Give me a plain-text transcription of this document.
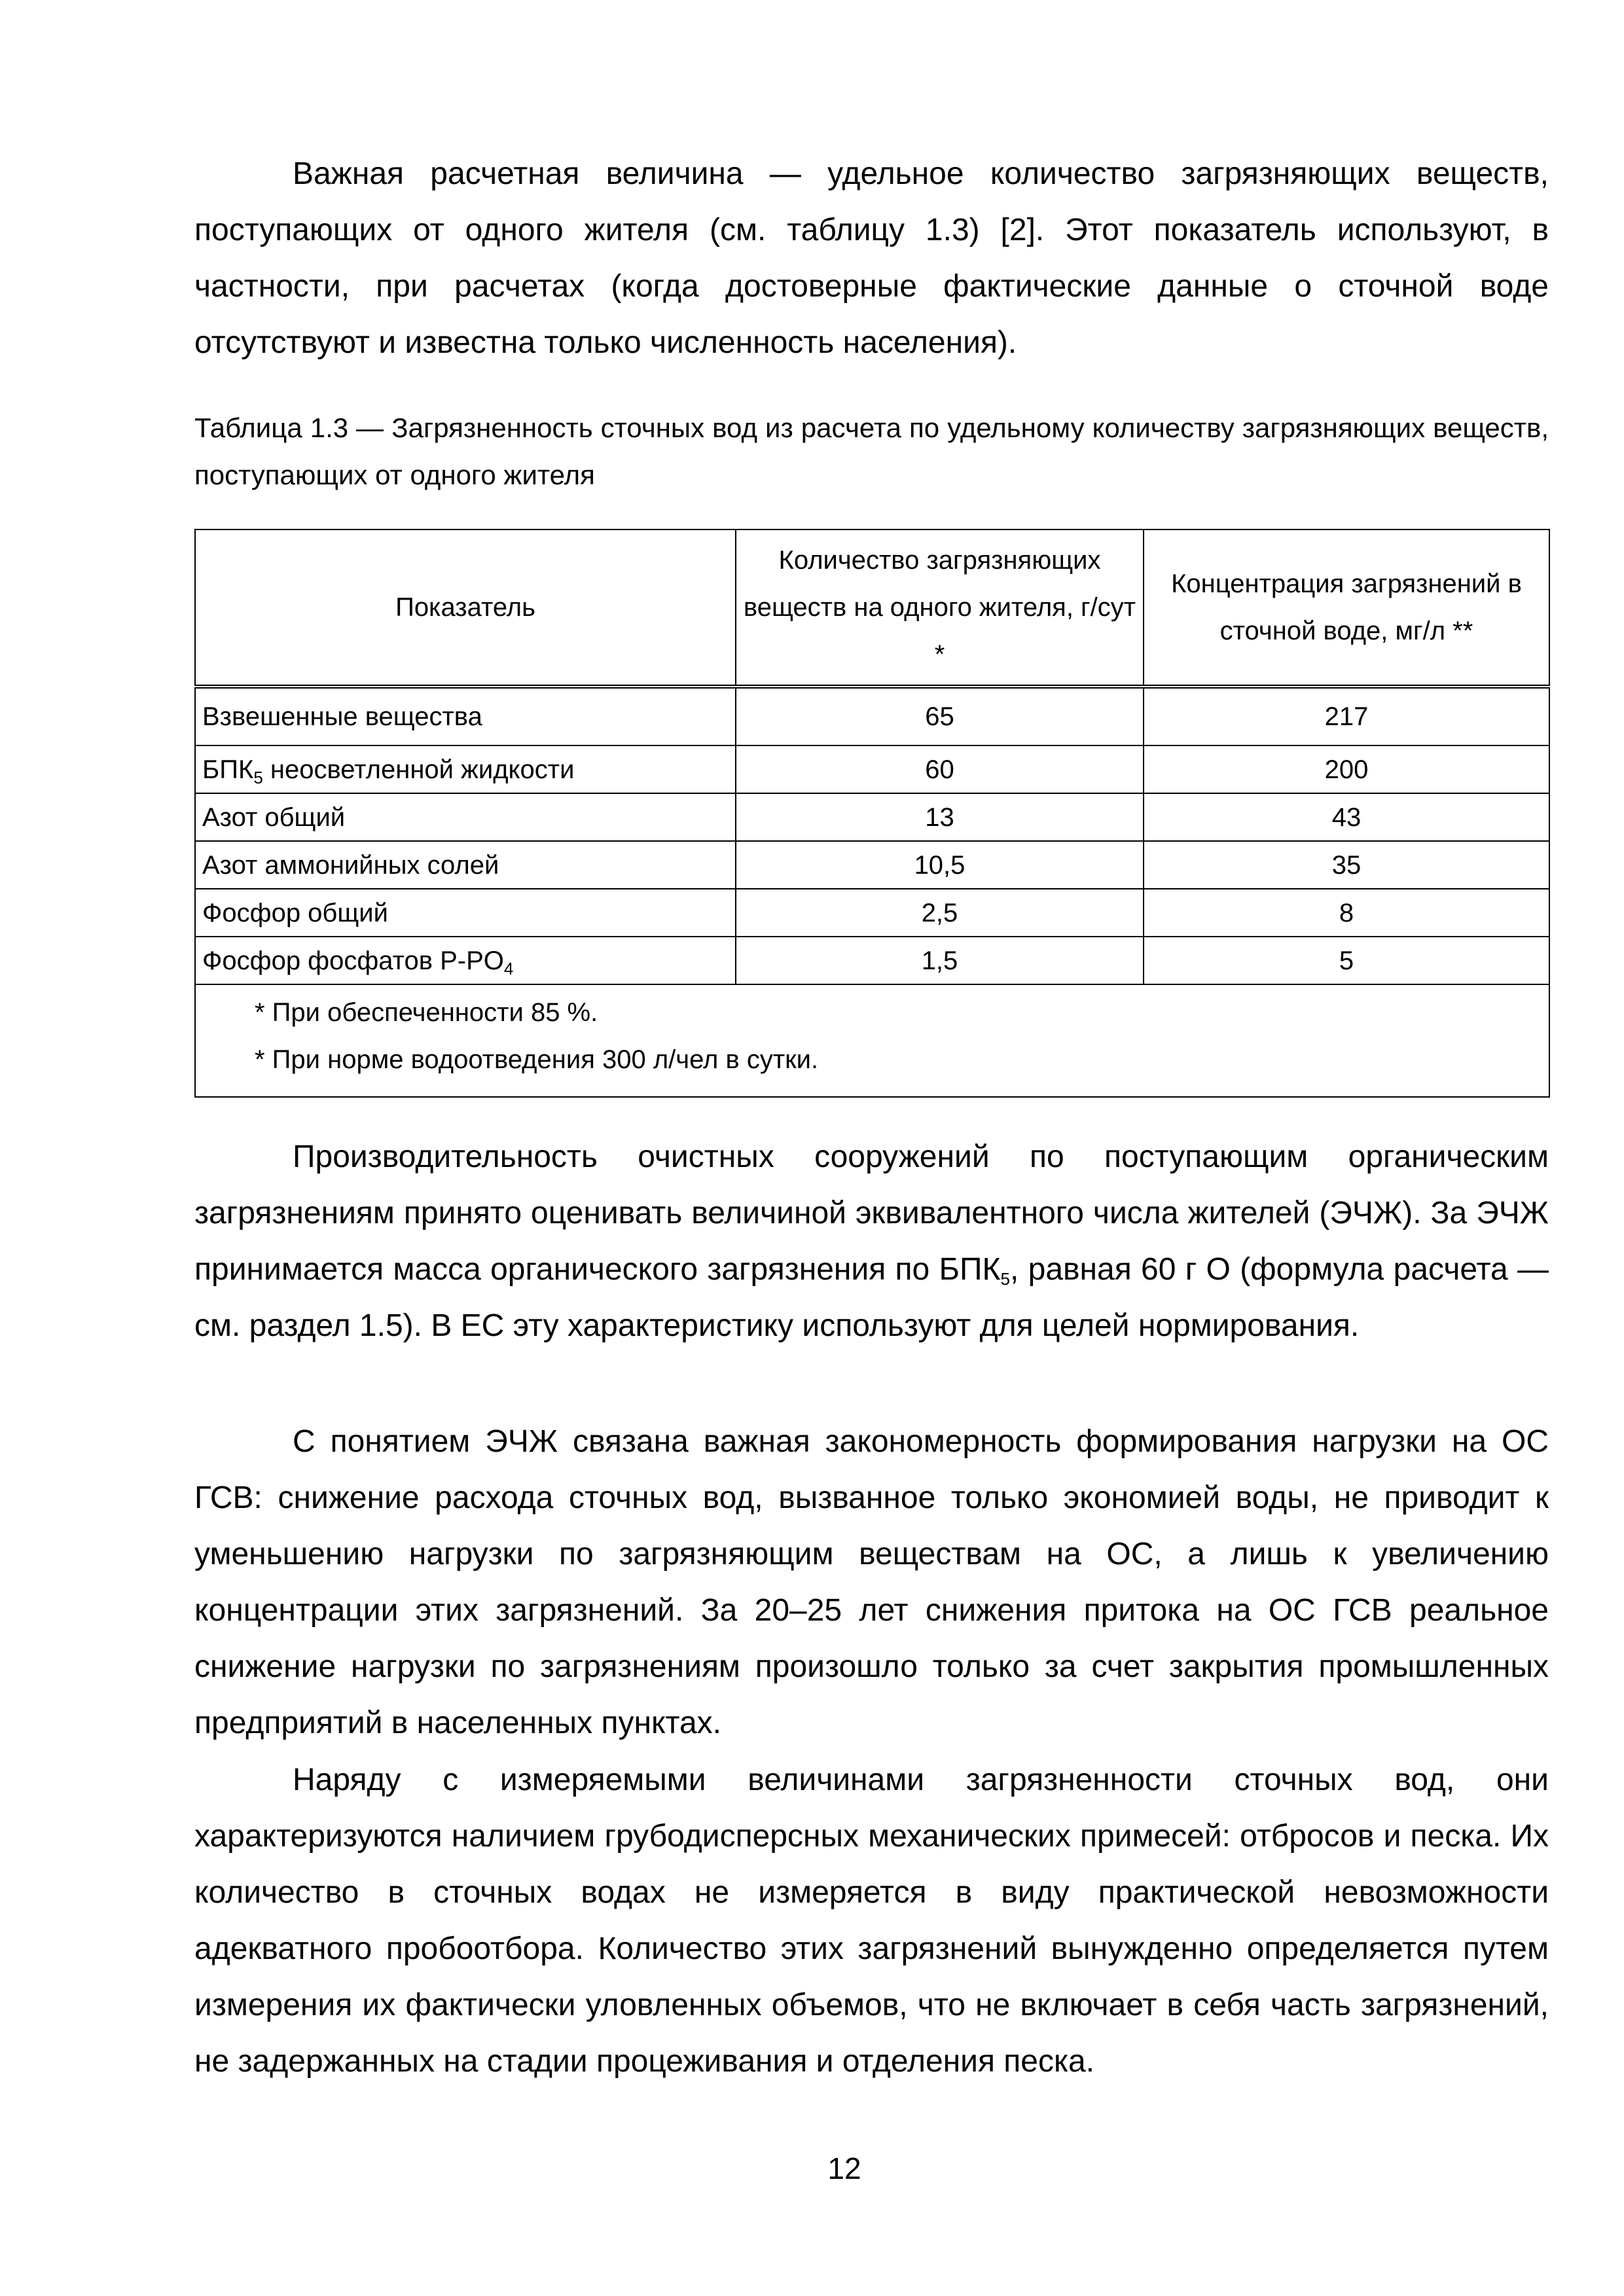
Важная расчетная величина — удельное количество загрязняющих веществ, поступающих от одного жителя (см. таблицу 1.3) [2]. Этот показатель используют, в частности, при расчетах (когда достоверные фактические данные о сточной воде отсутствуют и известна только численность населения).

Таблица 1.3 — Загрязненность сточных вод из расчета по удельному количеству загрязняющих веществ, поступающих от одного жителя

Показатель	Количество загрязняющих веществ на одного жителя, г/сут *	Концентрация загрязнений в сточной воде, мг/л **
Взвешенные вещества	65	217
$БПК_5$ неосветленной жидкости	60	200
Азот общий	13	43
Азот аммонийных солей	10,5	35
Фосфор общий	2,5	8
Фосфор фосфатов $P-PO_4$	1,5	5

* При обеспеченности 85 %.
* При норме водоотведения 300 л/чел в сутки.		

Производительность очистных сооружений по поступающим органическим загрязнениям принято оценивать величиной эквивалентного числа жителей (ЭЧЖ). За ЭЧЖ принимается масса органического загрязнения по $БПК_5$, равная 60 г О (формула расчета — см. раздел 1.5). В ЕС эту характеристику используют для целей нормирования.

С понятием ЭЧЖ связана важная закономерность формирования нагрузки на ОС ГСВ: снижение расхода сточных вод, вызванное только экономией воды, не приводит к уменьшению нагрузки по загрязняющим веществам на ОС, а лишь к увеличению концентрации этих загрязнений. За 20–25 лет снижения притока на ОС ГСВ реальное снижение нагрузки по загрязнениям произошло только за счет закрытия промышленных предприятий в населенных пунктах.

Наряду с измеряемыми величинами загрязненности сточных вод, они характеризуются наличием грубодисперсных механических примесей: отбросов и песка. Их количество в сточных водах не измеряется в виду практической невозможности адекватного пробоотбора. Количество этих загрязнений вынужденно определяется путем измерения их фактически уловленных объемов, что не включает в себя часть загрязнений, не задержанных на стадии процеживания и отделения песка.

12
